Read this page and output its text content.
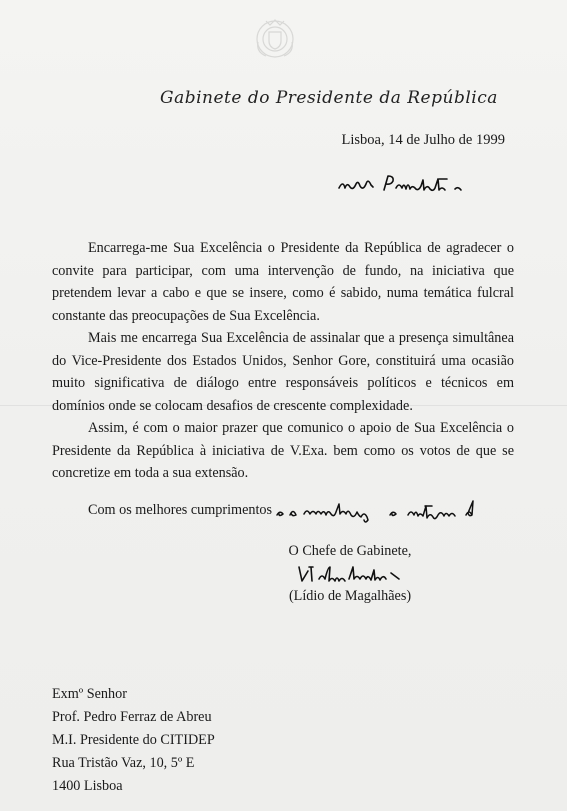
Gabinete do Presidente da República
Lisboa, 14 de Julho de 1999

Encarrega-me Sua Excelência o Presidente da República de agradecer o convite para participar, com uma intervenção de fundo, na iniciativa que pretendem levar a cabo e que se insere, como é sabido, numa temática fulcral constante das preocupações de Sua Excelência.

Mais me encarrega Sua Excelência de assinalar que a presença simultânea do Vice-Presidente dos Estados Unidos, Senhor Gore, constituirá uma ocasião muito significativa de diálogo entre responsáveis políticos e técnicos em domínios onde se colocam desafios de crescente complexidade.

Assim, é com o maior prazer que comunico o apoio de Sua Excelência o Presidente da República à iniciativa de V.Exa. bem como os votos de que se concretize em toda a sua extensão.

Com os melhores cumprimentos
O Chefe de Gabinete,
(Lídio de Magalhães)
Exmº Senhor
Prof. Pedro Ferraz de Abreu
M.I. Presidente do CITIDEP
Rua Tristão Vaz, 10, 5º E
1400 Lisboa
